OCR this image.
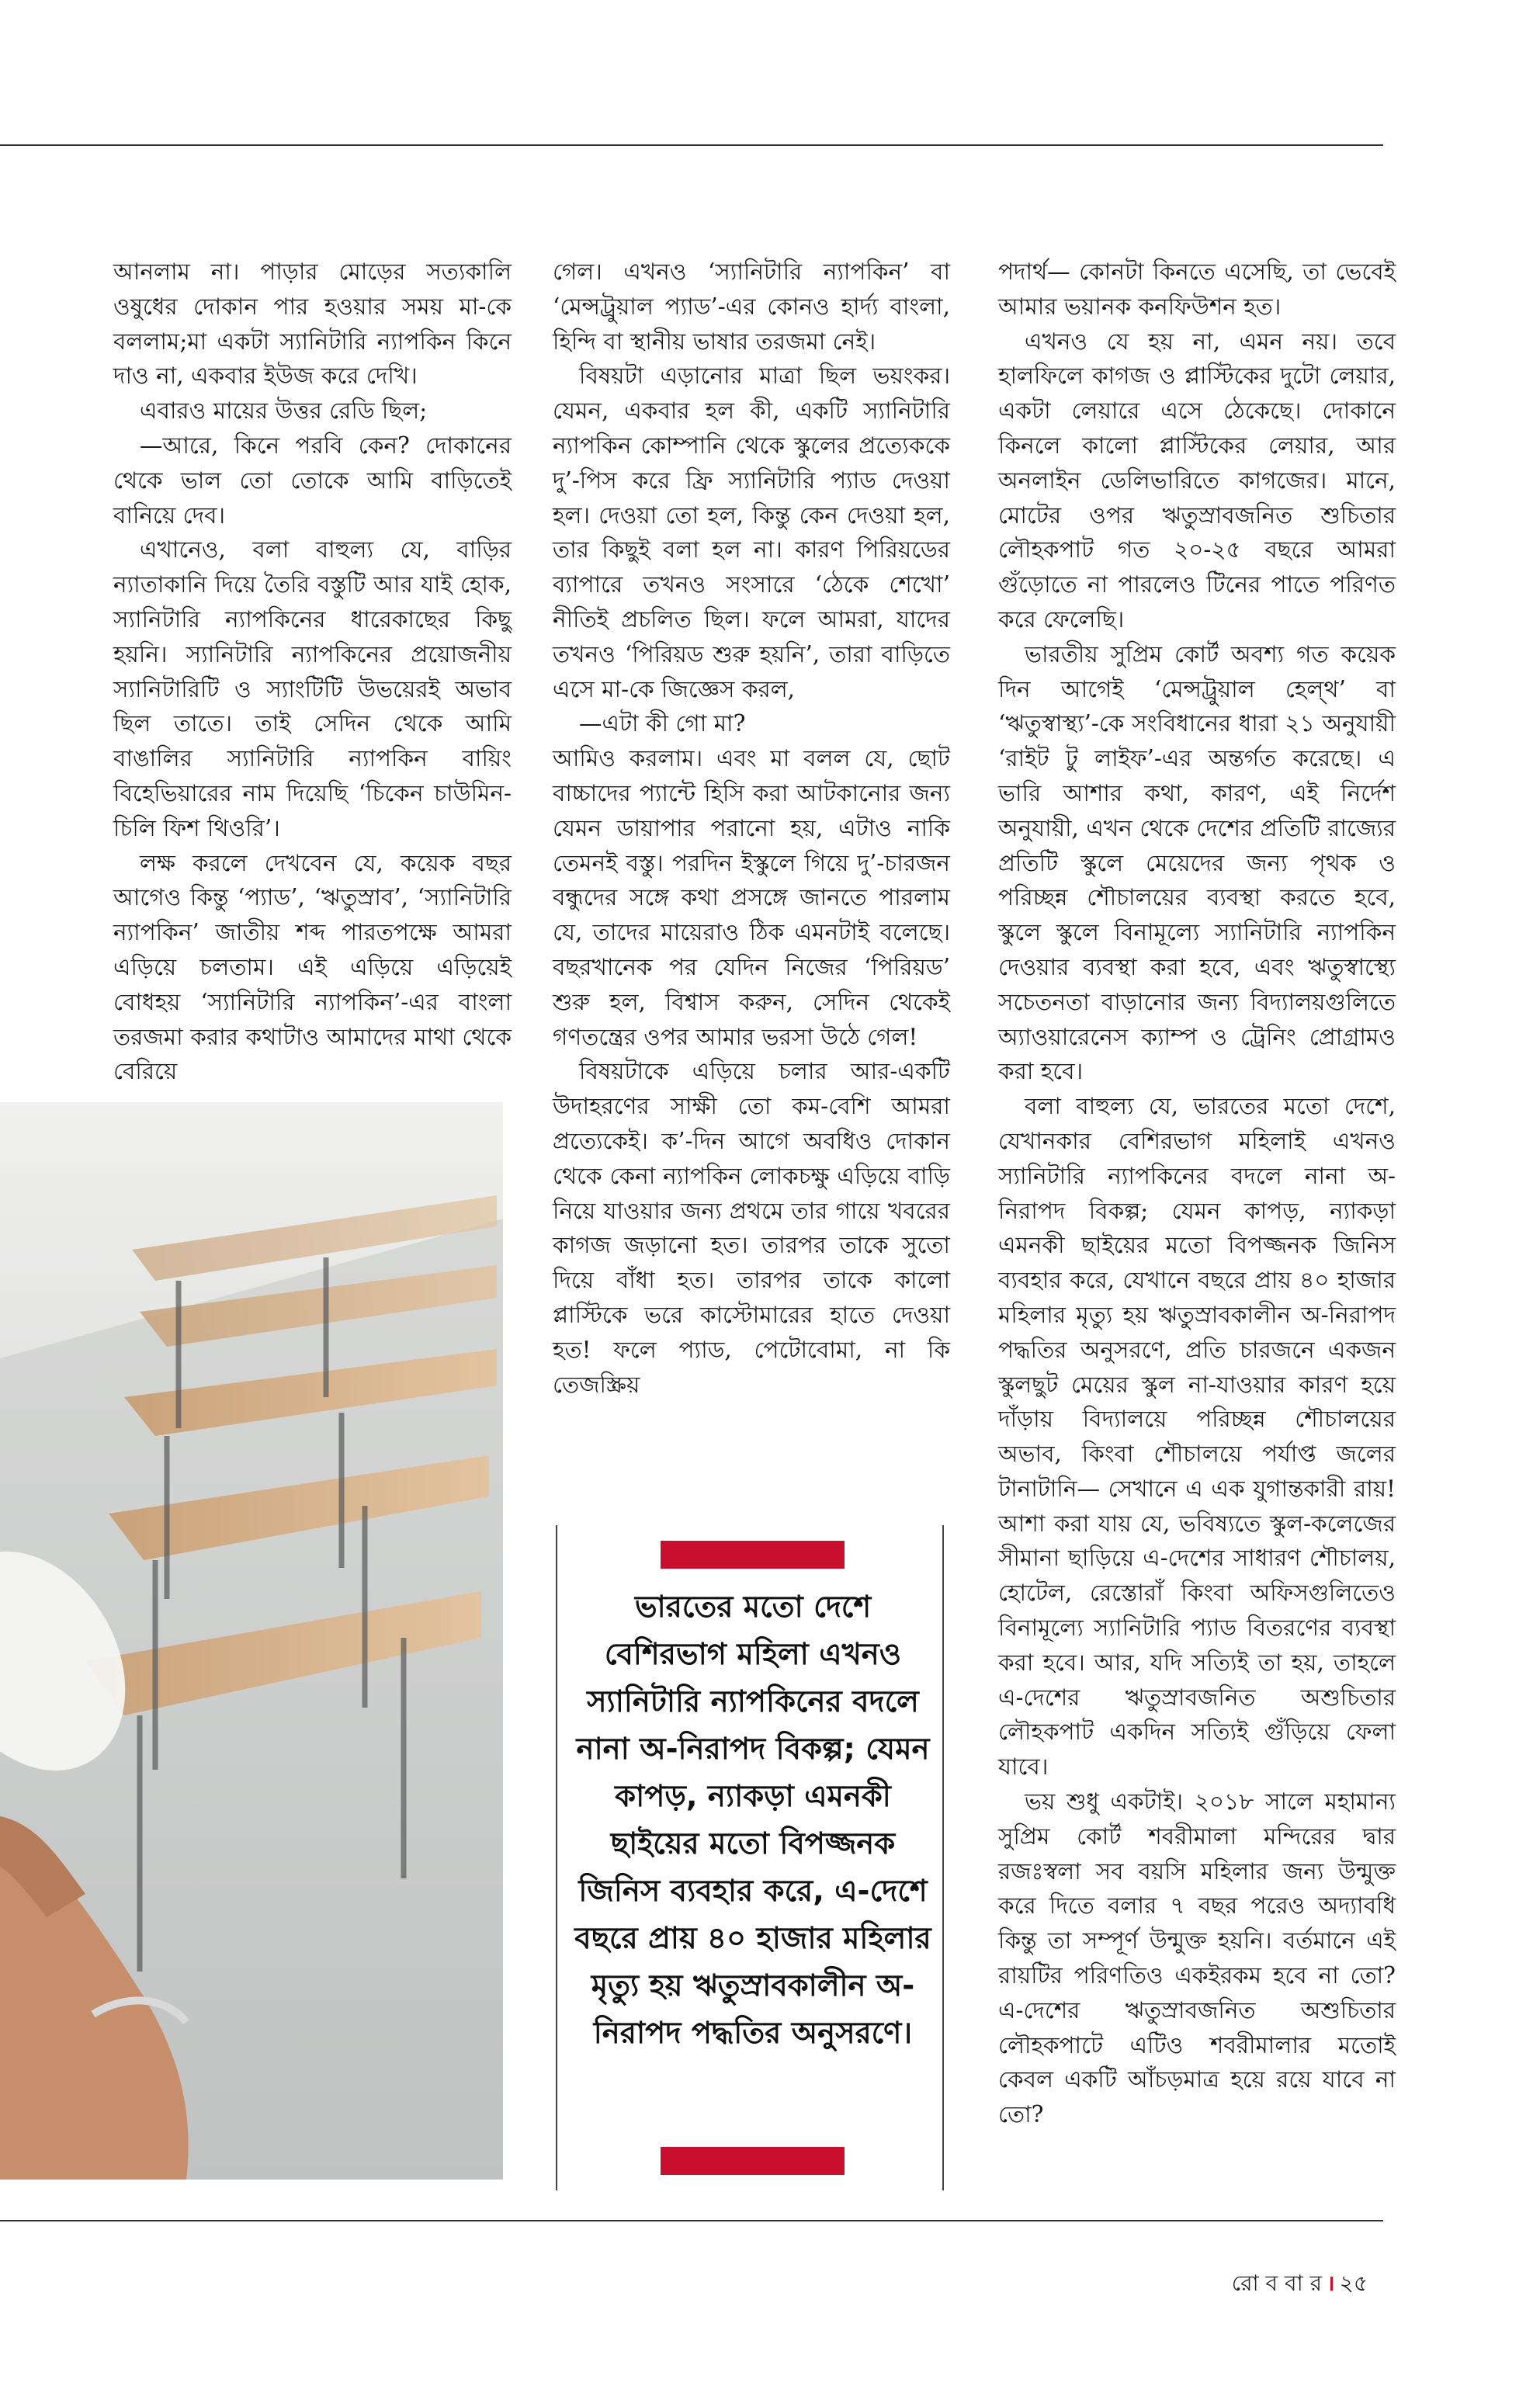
আনলাম না। পাড়ার মোড়ের সত্যকালি ওষুধের দোকান পার হওয়ার সময় মা-কে বললাম;মা একটা স্যানিটারি ন্যাপকিন কিনে দাও না, একবার ইউজ করে দেখি।

এবারও মায়ের উত্তর রেডি ছিল;

—আরে, কিনে পরবি কেন? দোকানের থেকে ভাল তো তোকে আমি বাড়িতেই বানিয়ে দেব।

এখানেও, বলা বাহুল্য যে, বাড়ির ন্যাতাকানি দিয়ে তৈরি বস্তুটি আর যাই হোক, স্যানিটারি ন্যাপকিনের ধারেকাছের কিছু হয়নি। স্যানিটারি ন্যাপকিনের প্রয়োজনীয় স্যানিটারিটি ও স্যাংটিটি উভয়েরই অভাব ছিল তাতে। তাই সেদিন থেকে আমি বাঙালির স্যানিটারি ন্যাপকিন বায়িং বিহেভিয়ারের নাম দিয়েছি ‘চিকেন চাউমিন-চিলি ফিশ থিওরি’।

লক্ষ করলে দেখবেন যে, কয়েক বছর আগেও কিন্তু ‘প্যাড’, ‘ঋতুস্রাব’, ‘স্যানিটারি ন্যাপকিন’ জাতীয় শব্দ পারতপক্ষে আমরা এড়িয়ে চলতাম। এই এড়িয়ে এড়িয়েই বোধহয় ‘স্যানিটারি ন্যাপকিন’-এর বাংলা তরজমা করার কথাটাও আমাদের মাথা থেকে বেরিয়ে

গেল। এখনও ‘স্যানিটারি ন্যাপকিন’ বা ‘মেন্সট্রুয়াল প্যাড’-এর কোনও হার্দ্য বাংলা, হিন্দি বা স্থানীয় ভাষার তরজমা নেই।

বিষয়টা এড়ানোর মাত্রা ছিল ভয়ংকর। যেমন, একবার হল কী, একটি স্যানিটারি ন্যাপকিন কোম্পানি থেকে স্কুলের প্রত্যেককে দু’-পিস করে ফ্রি স্যানিটারি প্যাড দেওয়া হল। দেওয়া তো হল, কিন্তু কেন দেওয়া হল, তার কিছুই বলা হল না। কারণ পিরিয়ডের ব্যাপারে তখনও সংসারে ‘ঠেকে শেখো’ নীতিই প্রচলিত ছিল। ফলে আমরা, যাদের তখনও ‘পিরিয়ড শুরু হয়নি’, তারা বাড়িতে এসে মা-কে জিজ্ঞেস করল,

—এটা কী গো মা?

আমিও করলাম। এবং মা বলল যে, ছোট বাচ্চাদের প্যান্টে হিসি করা আটকানোর জন্য যেমন ডায়াপার পরানো হয়, এটাও নাকি তেমনই বস্তু। পরদিন ইস্কুলে গিয়ে দু’-চারজন বন্ধুদের সঙ্গে কথা প্রসঙ্গে জানতে পারলাম যে, তাদের মায়েরাও ঠিক এমনটাই বলেছে। বছরখানেক পর যেদিন নিজের ‘পিরিয়ড’ শুরু হল, বিশ্বাস করুন, সেদিন থেকেই গণতন্ত্রের ওপর আমার ভরসা উঠে গেল!

বিষয়টাকে এড়িয়ে চলার আর-একটি উদাহরণের সাক্ষী তো কম-বেশি আমরা প্রত্যেকেই। ক’-দিন আগে অবধিও দোকান থেকে কেনা ন্যাপকিন লোকচক্ষু এড়িয়ে বাড়ি নিয়ে যাওয়ার জন্য প্রথমে তার গায়ে খবরের কাগজ জড়ানো হত। তারপর তাকে সুতো দিয়ে বাঁধা হত। তারপর তাকে কালো প্লাস্টিকে ভরে কাস্টোমারের হাতে দেওয়া হত! ফলে প্যাড, পেটোবোমা, না কি তেজস্ক্রিয়

পদার্থ— কোনটা কিনতে এসেছি, তা ভেবেই আমার ভয়ানক কনফিউশন হত।

এখনও যে হয় না, এমন নয়। তবে হালফিলে কাগজ ও প্লাস্টিকের দুটো লেয়ার, একটা লেয়ারে এসে ঠেকেছে। দোকানে কিনলে কালো প্লাস্টিকের লেয়ার, আর অনলাইন ডেলিভারিতে কাগজের। মানে, মোটের ওপর ঋতুস্রাবজনিত শুচিতার লৌহকপাট গত ২০-২৫ বছরে আমরা গুঁড়োতে না পারলেও টিনের পাতে পরিণত করে ফেলেছি।

ভারতীয় সুপ্রিম কোর্ট অবশ্য গত কয়েক দিন আগেই ‘মেন্সট্রুয়াল হেল্থ’ বা ‘ঋতুস্বাস্থ্য’-কে সংবিধানের ধারা ২১ অনুযায়ী ‘রাইট টু লাইফ’-এর অন্তর্গত করেছে। এ ভারি আশার কথা, কারণ, এই নির্দেশ অনুযায়ী, এখন থেকে দেশের প্রতিটি রাজ্যের প্রতিটি স্কুলে মেয়েদের জন্য পৃথক ও পরিচ্ছন্ন শৌচালয়ের ব্যবস্থা করতে হবে, স্কুলে স্কুলে বিনামূল্যে স্যানিটারি ন্যাপকিন দেওয়ার ব্যবস্থা করা হবে, এবং ঋতুস্বাস্থ্যে সচেতনতা বাড়ানোর জন্য বিদ্যালয়গুলিতে অ্যাওয়ারেনেস ক্যাম্প ও ট্রেনিং প্রোগ্রামও করা হবে।

বলা বাহুল্য যে, ভারতের মতো দেশে, যেখানকার বেশিরভাগ মহিলাই এখনও স্যানিটারি ন্যাপকিনের বদলে নানা অ-নিরাপদ বিকল্প; যেমন কাপড়, ন্যাকড়া এমনকী ছাইয়ের মতো বিপজ্জনক জিনিস ব্যবহার করে, যেখানে বছরে প্রায় ৪০ হাজার মহিলার মৃত্যু হয় ঋতুস্রাবকালীন অ-নিরাপদ পদ্ধতির অনুসরণে, প্রতি চারজনে একজন স্কুলছুট মেয়ের স্কুল না-যাওয়ার কারণ হয়ে দাঁড়ায় বিদ্যালয়ে পরিচ্ছন্ন শৌচালয়ের অভাব, কিংবা শৌচালয়ে পর্যাপ্ত জলের টানাটানি— সেখানে এ এক যুগান্তকারী রায়! আশা করা যায় যে, ভবিষ্যতে স্কুল-কলেজের সীমানা ছাড়িয়ে এ-দেশের সাধারণ শৌচালয়, হোটেল, রেস্তোরাঁ কিংবা অফিসগুলিতেও বিনামূল্যে স্যানিটারি প্যাড বিতরণের ব্যবস্থা করা হবে। আর, যদি সত্যিই তা হয়, তাহলে এ-দেশের ঋতুস্রাবজনিত অশুচিতার লৌহকপাট একদিন সত্যিই গুঁড়িয়ে ফেলা যাবে।

ভয় শুধু একটাই। ২০১৮ সালে মহামান্য সুপ্রিম কোর্ট শবরীমালা মন্দিরের দ্বার রজঃস্বলা সব বয়সি মহিলার জন্য উন্মুক্ত করে দিতে বলার ৭ বছর পরেও অদ্যাবধি কিন্তু তা সম্পূর্ণ উন্মুক্ত হয়নি। বর্তমানে এই রায়টির পরিণতিও একইরকম হবে না তো? এ-দেশের ঋতুস্রাবজনিত অশুচিতার লৌহকপাটে এটিও শবরীমালার মতোই কেবল একটি আঁচড়মাত্র হয়ে রয়ে যাবে না তো?

ভারতের মতো দেশে বেশিরভাগ মহিলা এখনও স্যানিটারি ন্যাপকিনের বদলে নানা অ-নিরাপদ বিকল্প; যেমন কাপড়, ন্যাকড়া এমনকী ছাইয়ের মতো বিপজ্জনক জিনিস ব্যবহার করে, এ-দেশে বছরে প্রায় ৪০ হাজার মহিলার মৃত্যু হয় ঋতুস্রাবকালীন অ-নিরাপদ পদ্ধতির অনুসরণে।
রো ব বা র । ২৫
